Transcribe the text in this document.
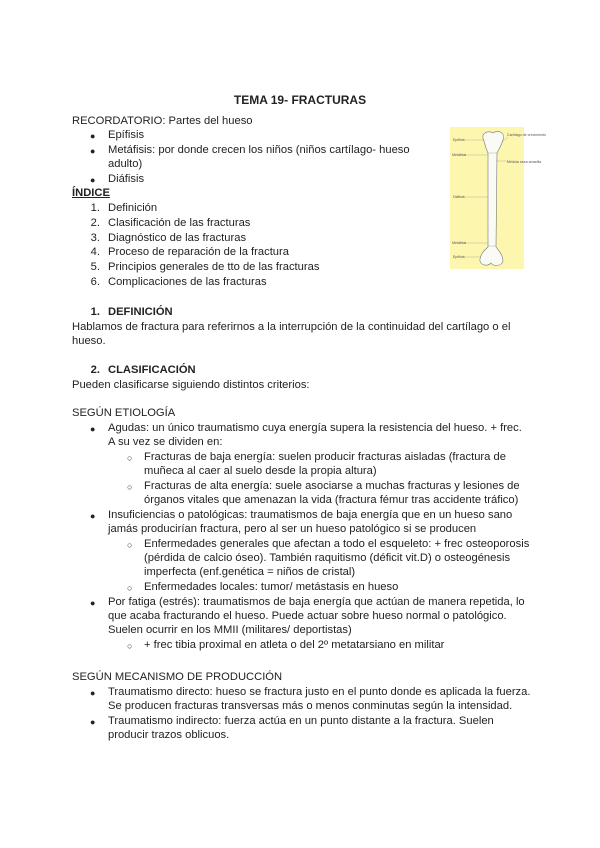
TEMA 19- FRACTURAS
RECORDATORIO: Partes del hueso
● Epífisis
● Metáfisis: por donde crecen los niños (niños cartílago- hueso
adulto)
● Diáfisis
Epífisis
Metáfisis
Cartílago de crecimiento
Médula ósea amarilla
Diáfisis
Metáfisis
Epífisis
ÍNDICE
1. Definición
2. Clasificación de las fracturas
3. Diagnóstico de las fracturas
4. Proceso de reparación de la fractura
5. Principios generales de tto de las fracturas
6. Complicaciones de las fracturas
1. DEFINICIÓN
Hablamos de fractura para referirnos a la interrupción de la continuidad del cartílago o el
hueso.
2. CLASIFICACIÓN
Pueden clasificarse siguiendo distintos criterios:
SEGÚN ETIOLOGÍA
● Agudas: un único traumatismo cuya energía supera la resistencia del hueso. + frec.
A su vez se dividen en:
○ Fracturas de baja energía: suelen producir fracturas aisladas (fractura de
muñeca al caer al suelo desde la propia altura)
○ Fracturas de alta energía: suele asociarse a muchas fracturas y lesiones de
órganos vitales que amenazan la vida (fractura fémur tras accidente tráfico)
● Insuficiencias o patológicas: traumatismos de baja energía que en un hueso sano
jamás producirían fractura, pero al ser un hueso patológico si se producen
○ Enfermedades generales que afectan a todo el esqueleto: + frec osteoporosis
(pérdida de calcio óseo). También raquitismo (déficit vit.D) o osteogénesis
imperfecta (enf.genética = niños de cristal)
○ Enfermedades locales: tumor/ metástasis en hueso
● Por fatiga (estrés): traumatismos de baja energía que actúan de manera repetida, lo
que acaba fracturando el hueso. Puede actuar sobre hueso normal o patológico.
Suelen ocurrir en los MMII (militares/ deportistas)
○ + frec tibia proximal en atleta o del 2º metatarsiano en militar
SEGÚN MECANISMO DE PRODUCCIÓN
● Traumatismo directo: hueso se fractura justo en el punto donde es aplicada la fuerza.
Se producen fracturas transversas más o menos conminutas según la intensidad.
● Traumatismo indirecto: fuerza actúa en un punto distante a la fractura. Suelen
producir trazos oblicuos.
